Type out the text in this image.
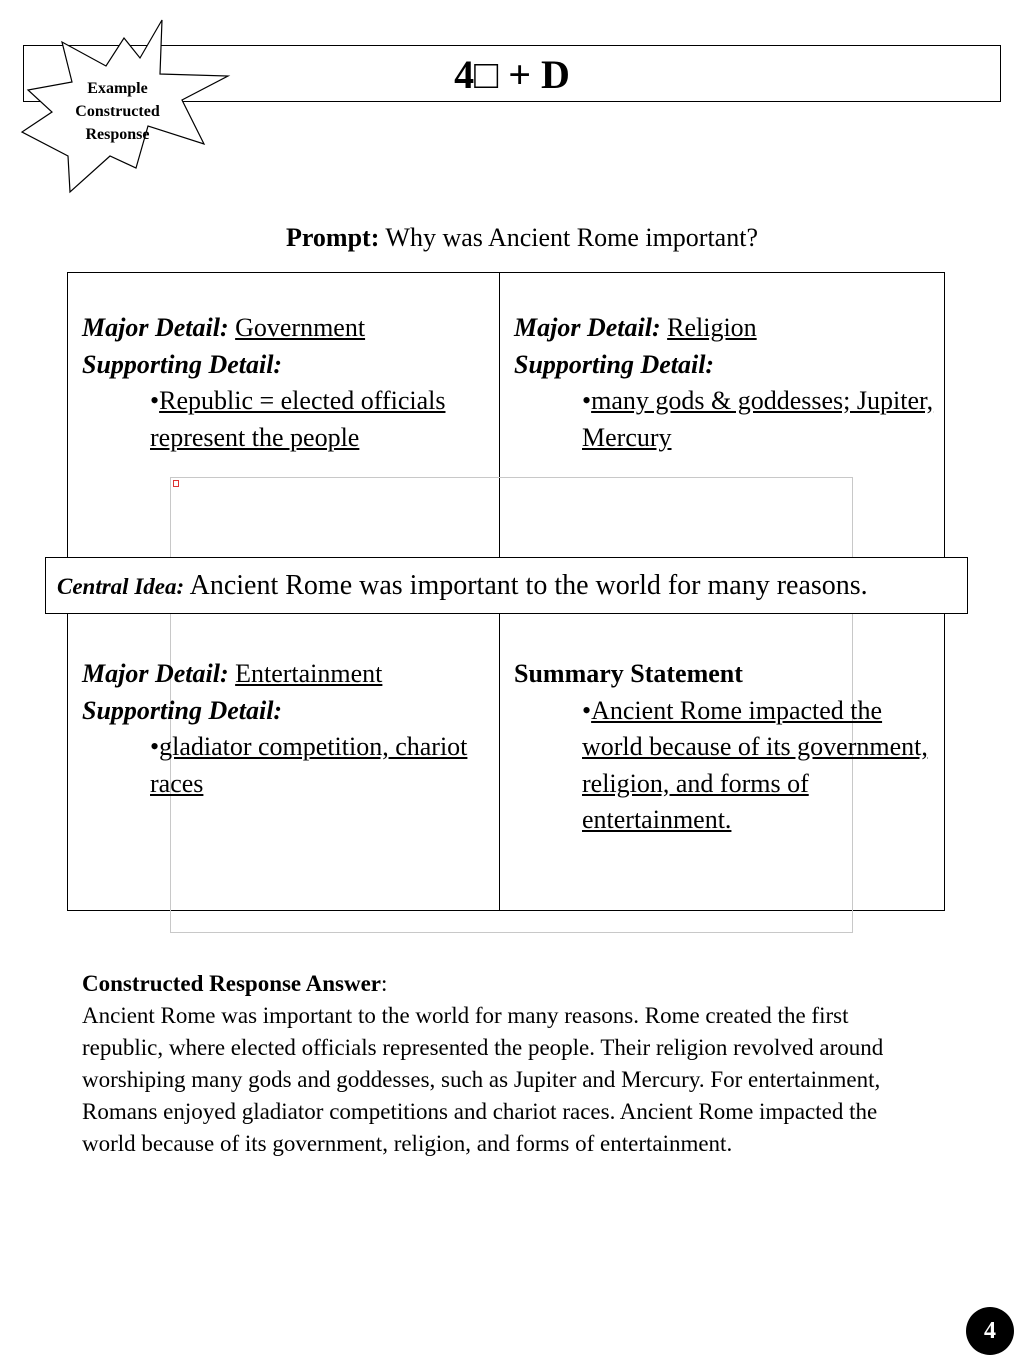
4□ + D
Example
Constructed
Response
Prompt: Why was Ancient Rome important?
Major Detail: Government
Supporting Detail:
•Republic = elected officials represent the people
Major Detail: Religion
Supporting Detail:
•many gods & goddesses; Jupiter, Mercury
Major Detail: Entertainment
Supporting Detail:
•gladiator competition, chariot races
Summary Statement
•Ancient Rome impacted the world because of its government, religion, and forms of entertainment.
Central Idea: Ancient Rome was important to the world for many reasons.
Constructed Response Answer:
Ancient Rome was important to the world for many reasons. Rome created the first republic, where elected officials represented the people. Their religion revolved around worshiping many gods and goddesses, such as Jupiter and Mercury. For entertainment, Romans enjoyed gladiator competitions and chariot races. Ancient Rome impacted the world because of its government, religion, and forms of entertainment.
4
